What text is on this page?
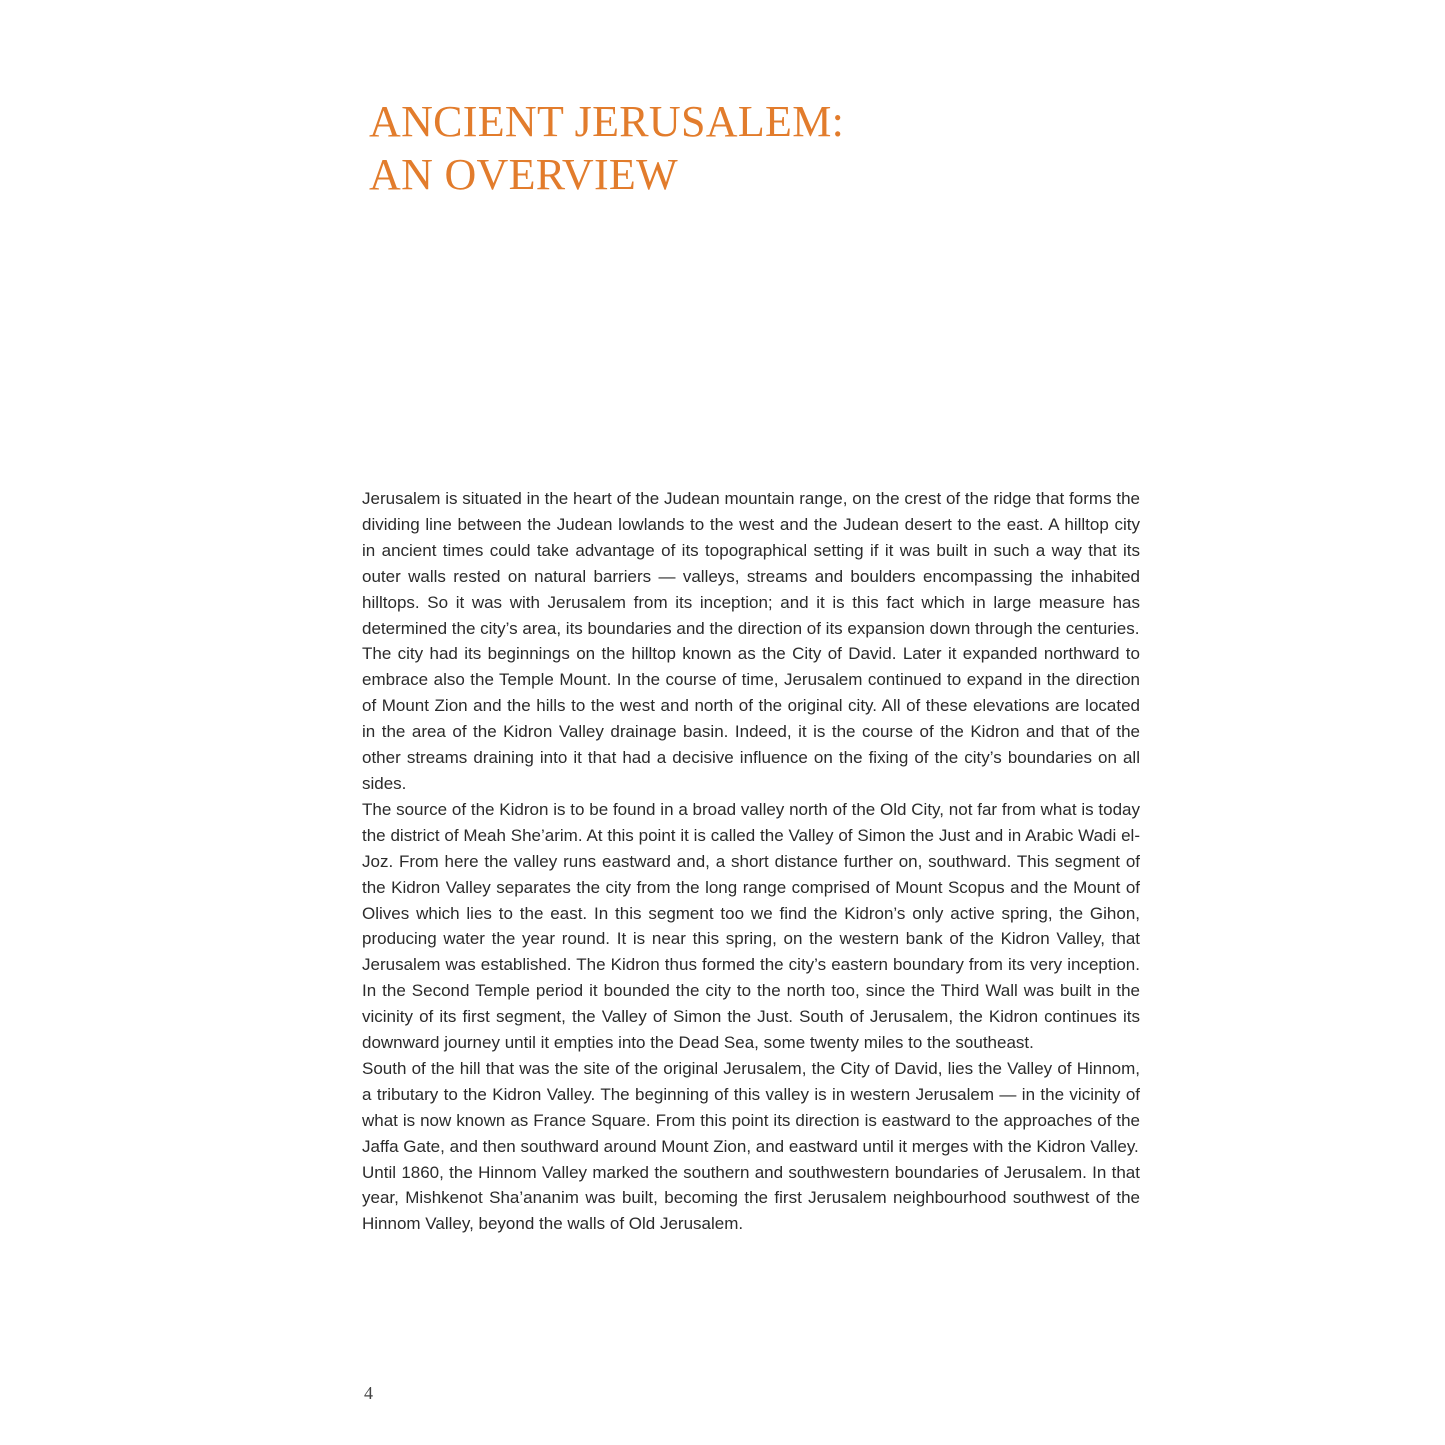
ANCIENT JERUSALEM:
AN OVERVIEW

Jerusalem is situated in the heart of the Judean mountain range, on the crest of the ridge that forms the dividing line between the Judean lowlands to the west and the Judean desert to the east. A hilltop city in ancient times could take advantage of its topographical setting if it was built in such a way that its outer walls rested on natural barriers — valleys, streams and boulders encompassing the inhabited hilltops. So it was with Jerusalem from its inception; and it is this fact which in large measure has determined the city’s area, its boundaries and the direction of its expansion down through the centuries.

The city had its beginnings on the hilltop known as the City of David. Later it expanded northward to embrace also the Temple Mount. In the course of time, Jerusalem continued to expand in the direction of Mount Zion and the hills to the west and north of the original city. All of these elevations are located in the area of the Kidron Valley drainage basin. Indeed, it is the course of the Kidron and that of the other streams draining into it that had a decisive influence on the fixing of the city’s boundaries on all sides.

The source of the Kidron is to be found in a broad valley north of the Old City, not far from what is today the district of Meah She’arim. At this point it is called the Valley of Simon the Just and in Arabic Wadi el-Joz. From here the valley runs eastward and, a short distance further on, southward. This segment of the Kidron Valley separates the city from the long range comprised of Mount Scopus and the Mount of Olives which lies to the east. In this segment too we find the Kidron’s only active spring, the Gihon, producing water the year round. It is near this spring, on the western bank of the Kidron Valley, that Jerusalem was established. The Kidron thus formed the city’s eastern boundary from its very inception. In the Second Temple period it bounded the city to the north too, since the Third Wall was built in the vicinity of its first segment, the Valley of Simon the Just. South of Jerusalem, the Kidron continues its downward journey until it empties into the Dead Sea, some twenty miles to the southeast.

South of the hill that was the site of the original Jerusalem, the City of David, lies the Valley of Hinnom, a tributary to the Kidron Valley. The beginning of this valley is in western Jerusalem — in the vicinity of what is now known as France Square. From this point its direction is eastward to the approaches of the Jaffa Gate, and then southward around Mount Zion, and eastward until it merges with the Kidron Valley.

Until 1860, the Hinnom Valley marked the southern and southwestern boundaries of Jerusalem. In that year, Mishkenot Sha’ananim was built, becoming the first Jerusalem neighbourhood southwest of the Hinnom Valley, beyond the walls of Old Jerusalem.

4
